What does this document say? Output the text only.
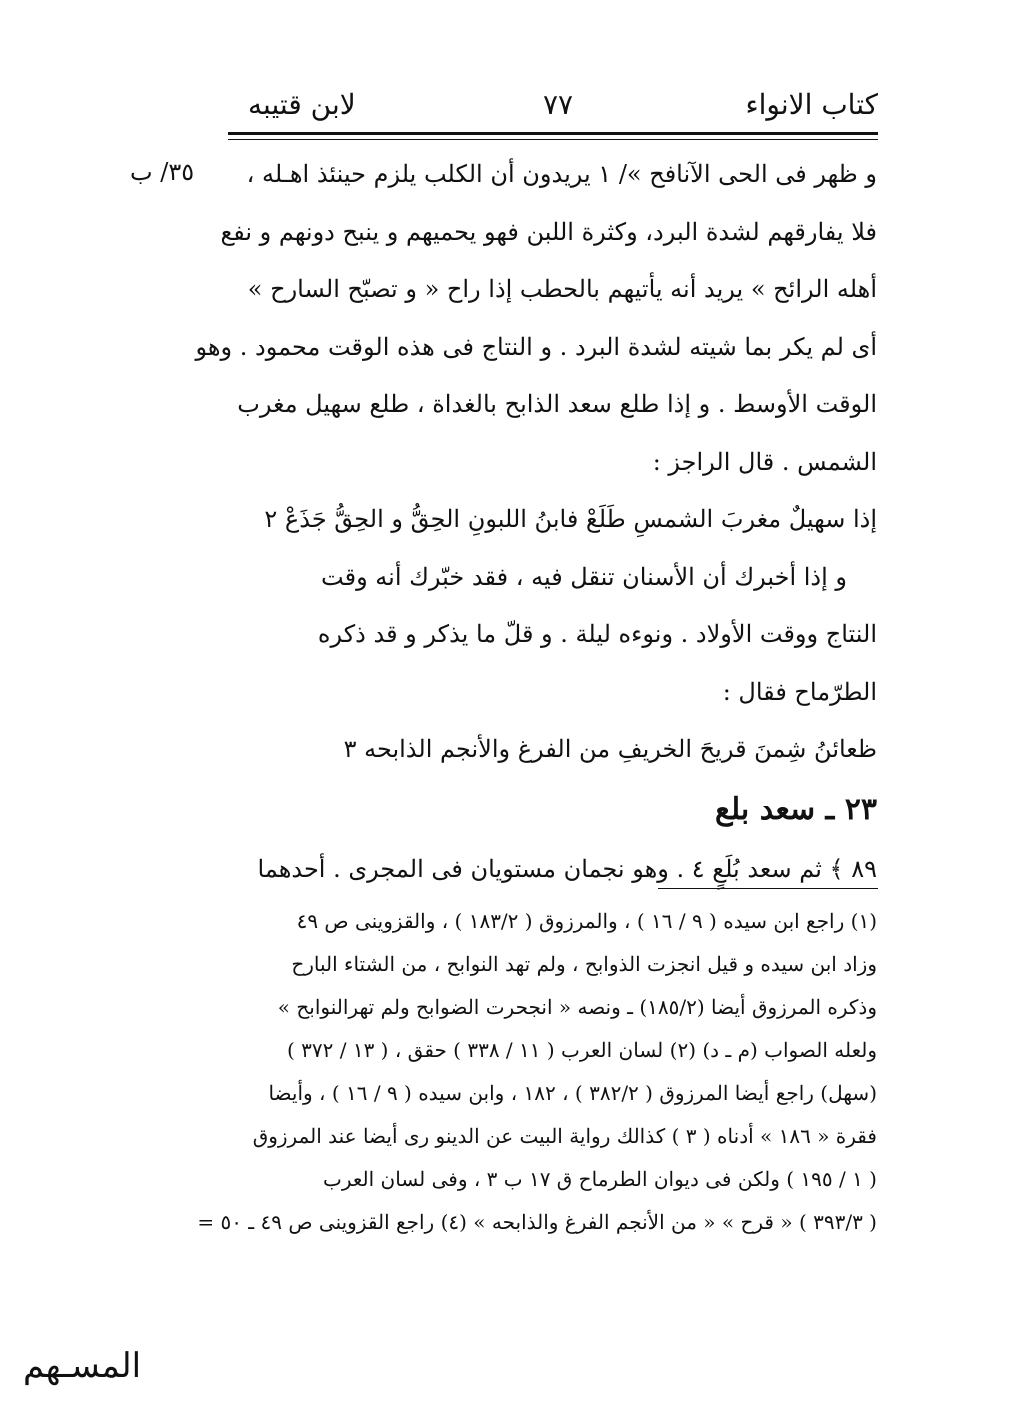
لابن قتيبه	٧٧	كتاب الانواء
٣٥/ ب	و ظهر فى الحى الآنافح »/ ١ يريدون أن الكلب يلزم حينئذ اهـله ،
فلا يفارقهم لشدة البرد، وكثرة اللبن فهو يحميهم و ينبح دونهم و نفع
أهله الرائح » يريد أنه يأتيهم بالحطب إذا راح « و تصبّح السارح »
أى لم يكر بما شيته لشدة البرد . و النتاج فى هذه الوقت محمود . وهو
الوقت الأوسط . و إذا طلع سعد الذابح بالغداة ، طلع سهيل مغرب
الشمس . قال الراجز :
إذا سهيلٌ مغربَ الشمسِ طَلَعْ فابنُ اللبونِ الحِقُّ و الحِقُّ جَذَعْ ٢
و إذا أخبرك أن الأسنان تنقل فيه ، فقد خبّرك أنه وقت
النتاج ووقت الأولاد . ونوءه ليلة . و قلّ ما يذكر و قد ذكره
الطرّماح فقال :
ظعائنُ شِمنَ قريحَ الخريفِ من الفرغ والأنجم الذابحه ٣
٢٣ ـ سعد بلع
٨٩ ﴾ ثم سعد بُلَعٍ ٤ . وهو نجمان مستويان فى المجرى . أحدهما
(١) راجع ابن سيده ( ٩ / ١٦ ) ، والمرزوق ( ١٨٣/٢ ) ، والقزوينى ص ٤٩
وزاد ابن سيده و قيل انجزت الذوابح ، ولم تهد النوابح ، من الشتاء البارح
وذكره المرزوق أيضا (١٨٥/٢) ـ ونصه « انجحرت الضوابح ولم تهرالنوابح »
ولعله الصواب (م ـ د) (٢) لسان العرب ( ١١ / ٣٣٨ ) حقق ، ( ١٣ / ٣٧٢ )
(سهل) راجع أيضا المرزوق ( ٣٨٢/٢ ) ، ١٨٢ ، وابن سيده ( ٩ / ١٦ ) ، وأيضا
فقرة « ١٨٦ » أدناه ( ٣ ) كذالك رواية البيت عن الدينو رى أيضا عند المرزوق
( ١ / ١٩٥ ) ولكن فى ديوان الطرماح ق ١٧ ب ٣ ، وفى لسان العرب
( ٣٩٣/٣ ) « قرح » « من الأنجم الفرغ والذابحه » (٤) راجع القزوينى ص ٤٩ ـ ٥٠ =
المسـهم
